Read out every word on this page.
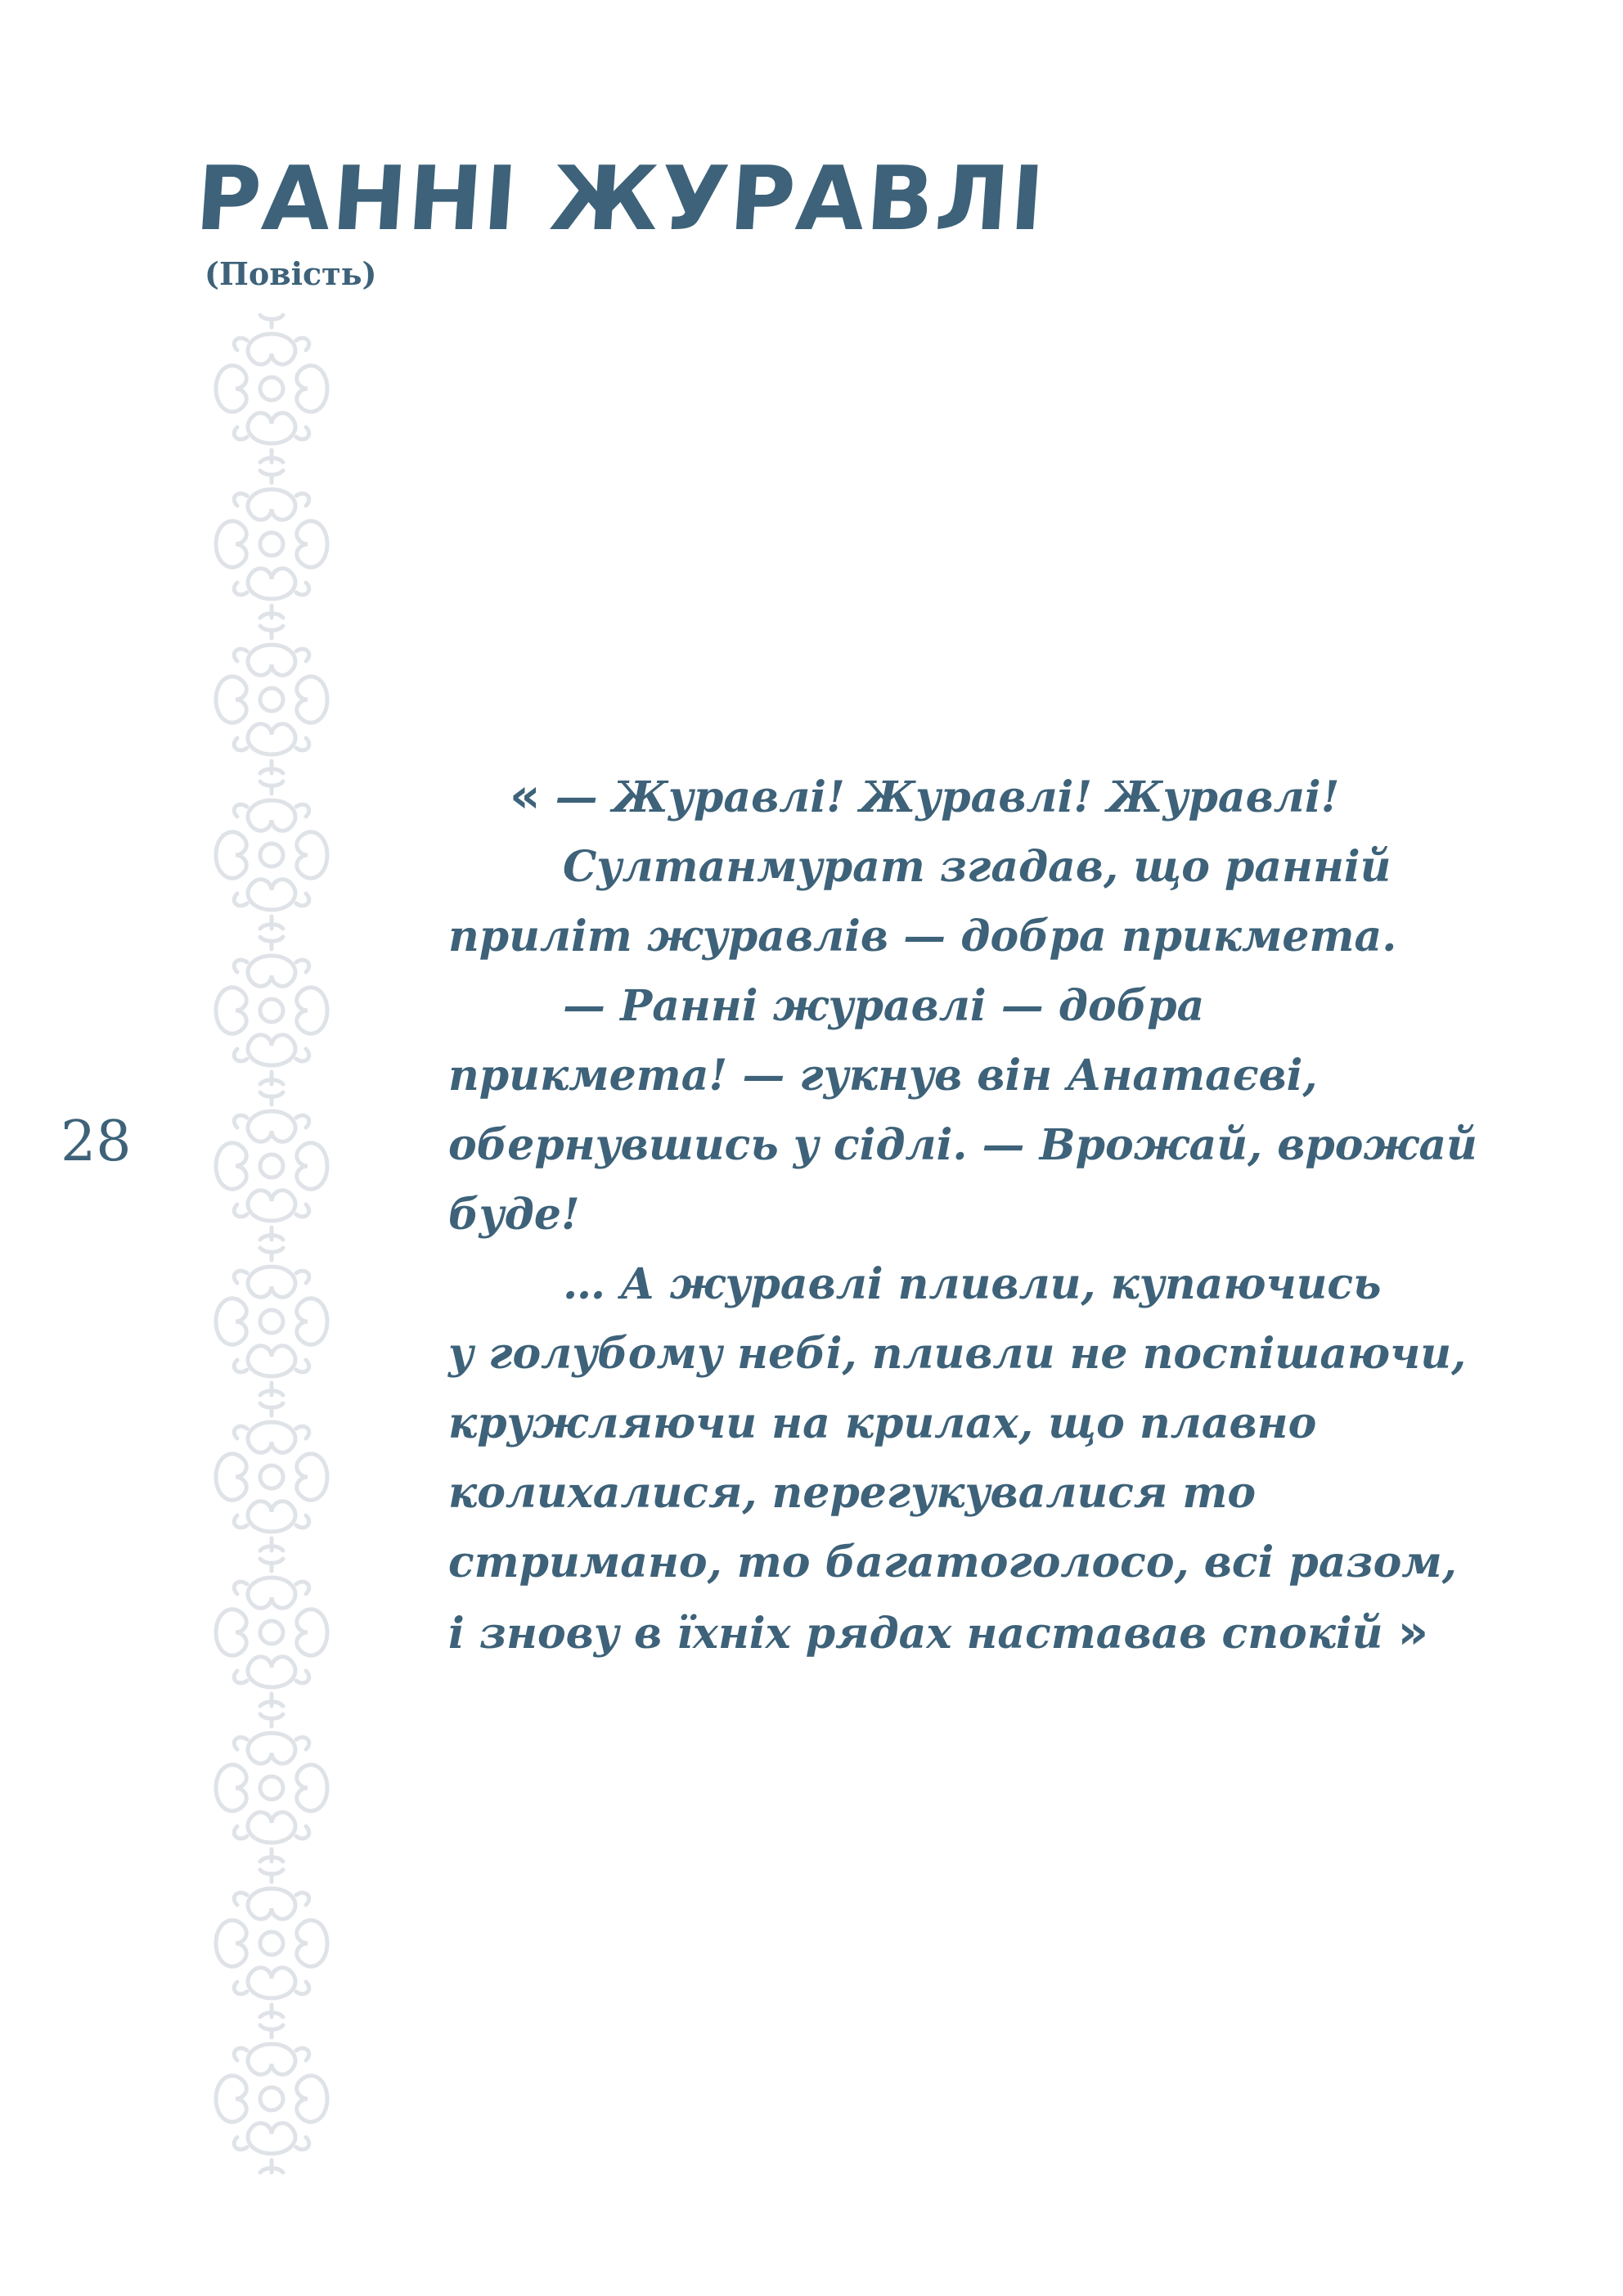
РАННІ ЖУРАВЛІ
(Повість)
28

« — Журавлі! Журавлі! Журавлі!

Султанмурат згадав, що ранній

приліт журавлів — добра прикмета.

— Ранні журавлі — добра

прикмета! — гукнув він Анатаєві,

обернувшись у сідлі. — Врожай, врожай

буде!

… А журавлі пливли, купаючись

у голубому небі, пливли не поспішаючи,

кружляючи на крилах, що плавно

колихалися, перегукувалися то

стримано, то багатоголосо, всі разом,

і знову в їхніх рядах наставав спокій »
